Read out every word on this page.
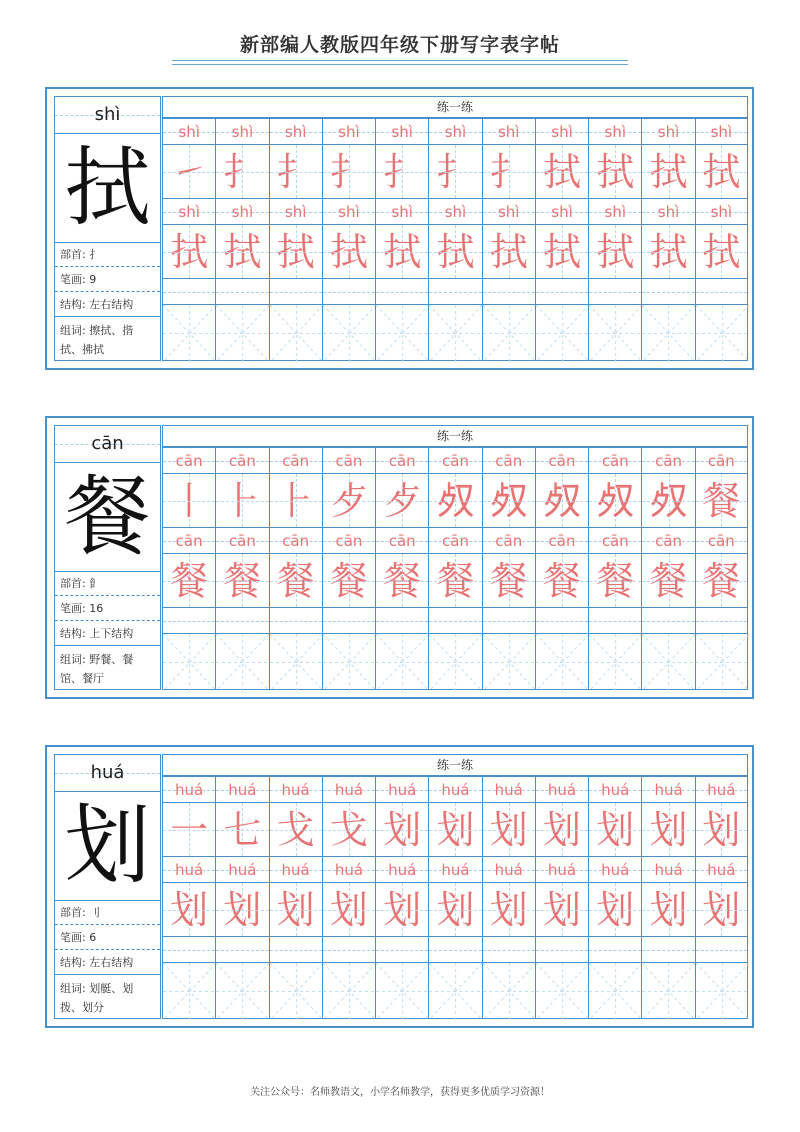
新部编人教版四年级下册写字表字帖
shì
拭
部首: 扌
笔画: 9
结构: 左右结构
组词: 擦拭、揩
拭、拂拭
练一练
shì	shì	shì	shì	shì	shì	shì	shì	shì	shì	shì
㇀ 扌 扌 扌 扌 扌 扌 拭 拭 拭 拭
shì	shì	shì	shì	shì	shì	shì	shì	shì	shì	shì
拭 拭 拭 拭 拭 拭 拭 拭 拭 拭 拭
cān
餐
部首: 飠
笔画: 16
结构: 上下结构
组词: 野餐、餐
馆、餐厅
练一练
cān	cān	cān	cān	cān	cān	cān	cān	cān	cān	cān
丨 ⺊ ⺊ 歺 歺 𣦼 𣦼 𣦼 𣦼 𣦼 餐
cān	cān	cān	cān	cān	cān	cān	cān	cān	cān	cān
餐 餐 餐 餐 餐 餐 餐 餐 餐 餐 餐
huá
划
部首: 刂
笔画: 6
结构: 左右结构
组词: 划艇、划
拨、划分
练一练
huá	huá	huá	huá	huá	huá	huá	huá	huá	huá	huá
一 七 戈 戈 划 划 划 划 划 划 划
huá	huá	huá	huá	huá	huá	huá	huá	huá	huá	huá
划 划 划 划 划 划 划 划 划 划 划
关注公众号：名师教语文，小学名师教学，获得更多优质学习资源！
